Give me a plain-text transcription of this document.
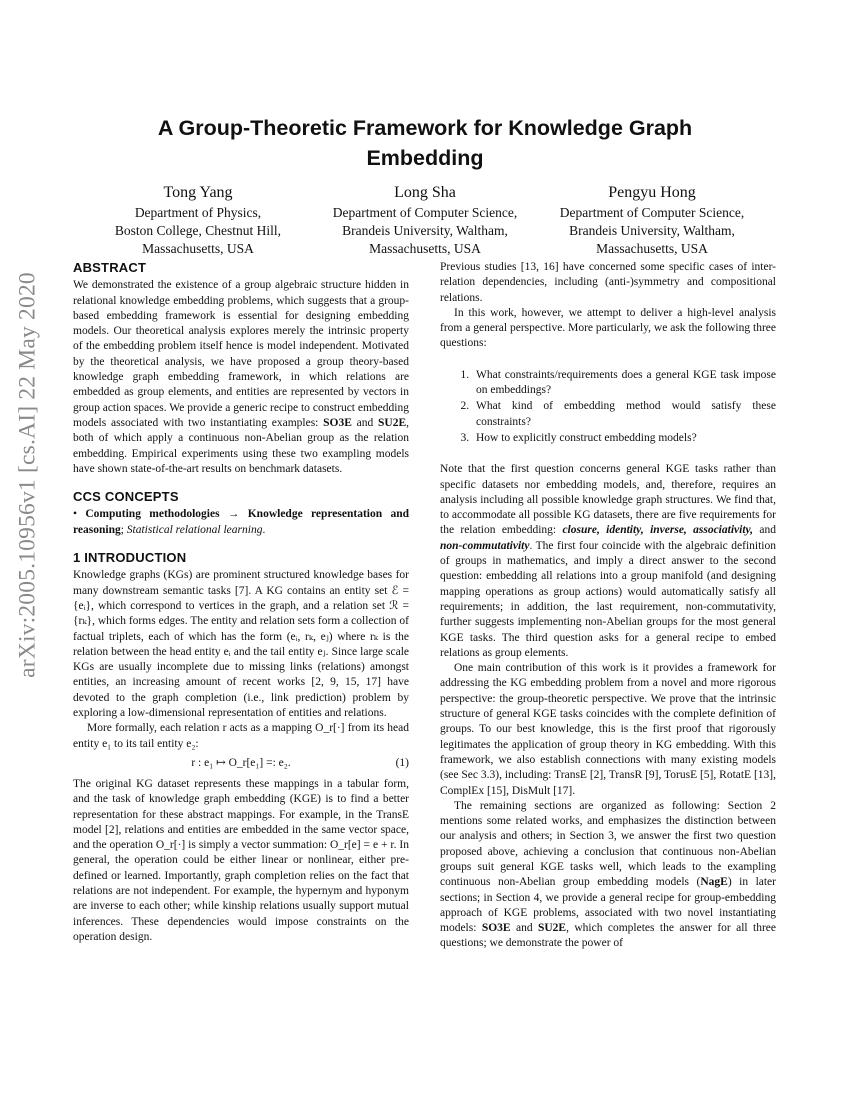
arXiv:2005.10956v1 [cs.AI] 22 May 2020
A Group-Theoretic Framework for Knowledge Graph Embedding
Tong Yang
Department of Physics,
Boston College, Chestnut Hill,
Massachusetts, USA
Long Sha
Department of Computer Science,
Brandeis University, Waltham,
Massachusetts, USA
Pengyu Hong
Department of Computer Science,
Brandeis University, Waltham,
Massachusetts, USA
ABSTRACT

We demonstrated the existence of a group algebraic structure hidden in relational knowledge embedding problems, which suggests that a group-based embedding framework is essential for designing embedding models. Our theoretical analysis explores merely the intrinsic property of the embedding problem itself hence is model independent. Motivated by the theoretical analysis, we have proposed a group theory-based knowledge graph embedding framework, in which relations are embedded as group elements, and entities are represented by vectors in group action spaces. We provide a generic recipe to construct embedding models associated with two instantiating examples: SO3E and SU2E, both of which apply a continuous non-Abelian group as the relation embedding. Empirical experiments using these two exampling models have shown state-of-the-art results on benchmark datasets.

CCS CONCEPTS

• Computing methodologies → Knowledge representation and reasoning; Statistical relational learning.

1 INTRODUCTION

Knowledge graphs (KGs) are prominent structured knowledge bases for many downstream semantic tasks [7]. A KG contains an entity set ℰ = {eᵢ}, which correspond to vertices in the graph, and a relation set ℛ = {rₖ}, which forms edges. The entity and relation sets form a collection of factual triplets, each of which has the form (eᵢ, rₖ, eⱼ) where rₖ is the relation between the head entity eᵢ and the tail entity eⱼ. Since large scale KGs are usually incomplete due to missing links (relations) amongst entities, an increasing amount of recent works [2, 9, 15, 17] have devoted to the graph completion (i.e., link prediction) problem by exploring a low-dimensional representation of entities and relations.

More formally, each relation r acts as a mapping O_r[·] from its head entity e₁ to its tail entity e₂:

r : e₁ ↦ O_r[e₁] =: e₂.	(1)

The original KG dataset represents these mappings in a tabular form, and the task of knowledge graph embedding (KGE) is to find a better representation for these abstract mappings. For example, in the TransE model [2], relations and entities are embedded in the same vector space, and the operation O_r[·] is simply a vector summation: O_r[e] = e + r. In general, the operation could be either linear or nonlinear, either pre-defined or learned. Importantly, graph completion relies on the fact that relations are not independent. For example, the hypernym and hyponym are inverse to each other; while kinship relations usually support mutual inferences. These dependencies would impose constraints on the operation design.

Previous studies [13, 16] have concerned some specific cases of inter-relation dependencies, including (anti-)symmetry and compositional relations.

In this work, however, we attempt to deliver a high-level analysis from a general perspective. More particularly, we ask the following three questions:

1. What constraints/requirements does a general KGE task impose on embeddings?
2. What kind of embedding method would satisfy these constraints?
3. How to explicitly construct embedding models?

Note that the first question concerns general KGE tasks rather than specific datasets nor embedding models, and, therefore, requires an analysis including all possible knowledge graph structures. We find that, to accommodate all possible KG datasets, there are five requirements for the relation embedding: closure, identity, inverse, associativity, and non-commutativity. The first four coincide with the algebraic definition of groups in mathematics, and imply a direct answer to the second question: embedding all relations into a group manifold (and designing mapping operations as group actions) would automatically satisfy all requirements; in addition, the last requirement, non-commutativity, further suggests implementing non-Abelian groups for the most general KGE tasks. The third question asks for a general recipe to embed relations as group elements.

One main contribution of this work is it provides a framework for addressing the KG embedding problem from a novel and more rigorous perspective: the group-theoretic perspective. We prove that the intrinsic structure of general KGE tasks coincides with the complete definition of groups. To our best knowledge, this is the first proof that rigorously legitimates the application of group theory in KG embedding. With this framework, we also establish connections with many existing models (see Sec 3.3), including: TransE [2], TransR [9], TorusE [5], RotatE [13], ComplEx [15], DisMult [17].

The remaining sections are organized as following: Section 2 mentions some related works, and emphasizes the distinction between our analysis and others; in Section 3, we answer the first two question proposed above, achieving a conclusion that continuous non-Abelian groups suit general KGE tasks well, which leads to the exampling continuous non-Abelian group embedding models (NagE) in later sections; in Section 4, we provide a general recipe for group-embedding approach of KGE problems, associated with two novel instantiating models: SO3E and SU2E, which completes the answer for all three questions; we demonstrate the power of
